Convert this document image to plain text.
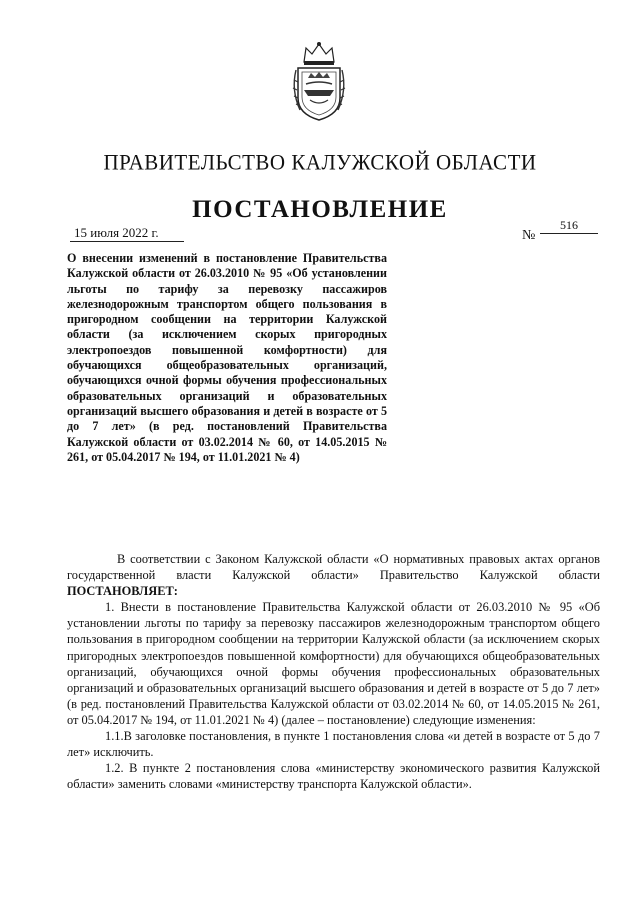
ПРАВИТЕЛЬСТВО КАЛУЖСКОЙ ОБЛАСТИ
ПОСТАНОВЛЕНИЕ
15 июля 2022 г.	№
516
О внесении изменений в постановление Правительства Калужской области от 26.03.2010 № 95 «Об установлении льготы по тарифу за перевозку пассажиров железнодорожным транспортом общего пользования в пригородном сообщении на территории Калужской области (за исключением скорых пригородных электропоездов повышенной комфортности) для обучающихся общеобразовательных организаций, обучающихся очной формы обучения профессиональных образовательных организаций и образовательных организаций высшего образования и детей в возрасте от 5 до 7 лет» (в ред. постановлений Правительства Калужской области от 03.02.2014 № 60, от 14.05.2015 № 261, от 05.04.2017 № 194, от 11.01.2021 № 4)

В соответствии с Законом Калужской области «О нормативных правовых актах органов государственной власти Калужской области» Правительство Калужской области ПОСТАНОВЛЯЕТ:

1. Внести в постановление Правительства Калужской области от 26.03.2010 № 95 «Об установлении льготы по тарифу за перевозку пассажиров железнодорожным транспортом общего пользования в пригородном сообщении на территории Калужской области (за исключением скорых пригородных электропоездов повышенной комфортности) для обучающихся общеобразовательных организаций, обучающихся очной формы обучения профессиональных образовательных организаций и образовательных организаций высшего образования и детей в возрасте от 5 до 7 лет» (в ред. постановлений Правительства Калужской области от 03.02.2014 № 60, от 14.05.2015 № 261, от 05.04.2017 № 194, от 11.01.2021 № 4) (далее – постановление) следующие изменения:

1.1.В заголовке постановления, в пункте 1 постановления слова «и детей в возрасте от 5 до 7 лет» исключить.

1.2. В пункте 2 постановления слова «министерству экономического развития Калужской области» заменить словами «министерству транспорта Калужской области».
